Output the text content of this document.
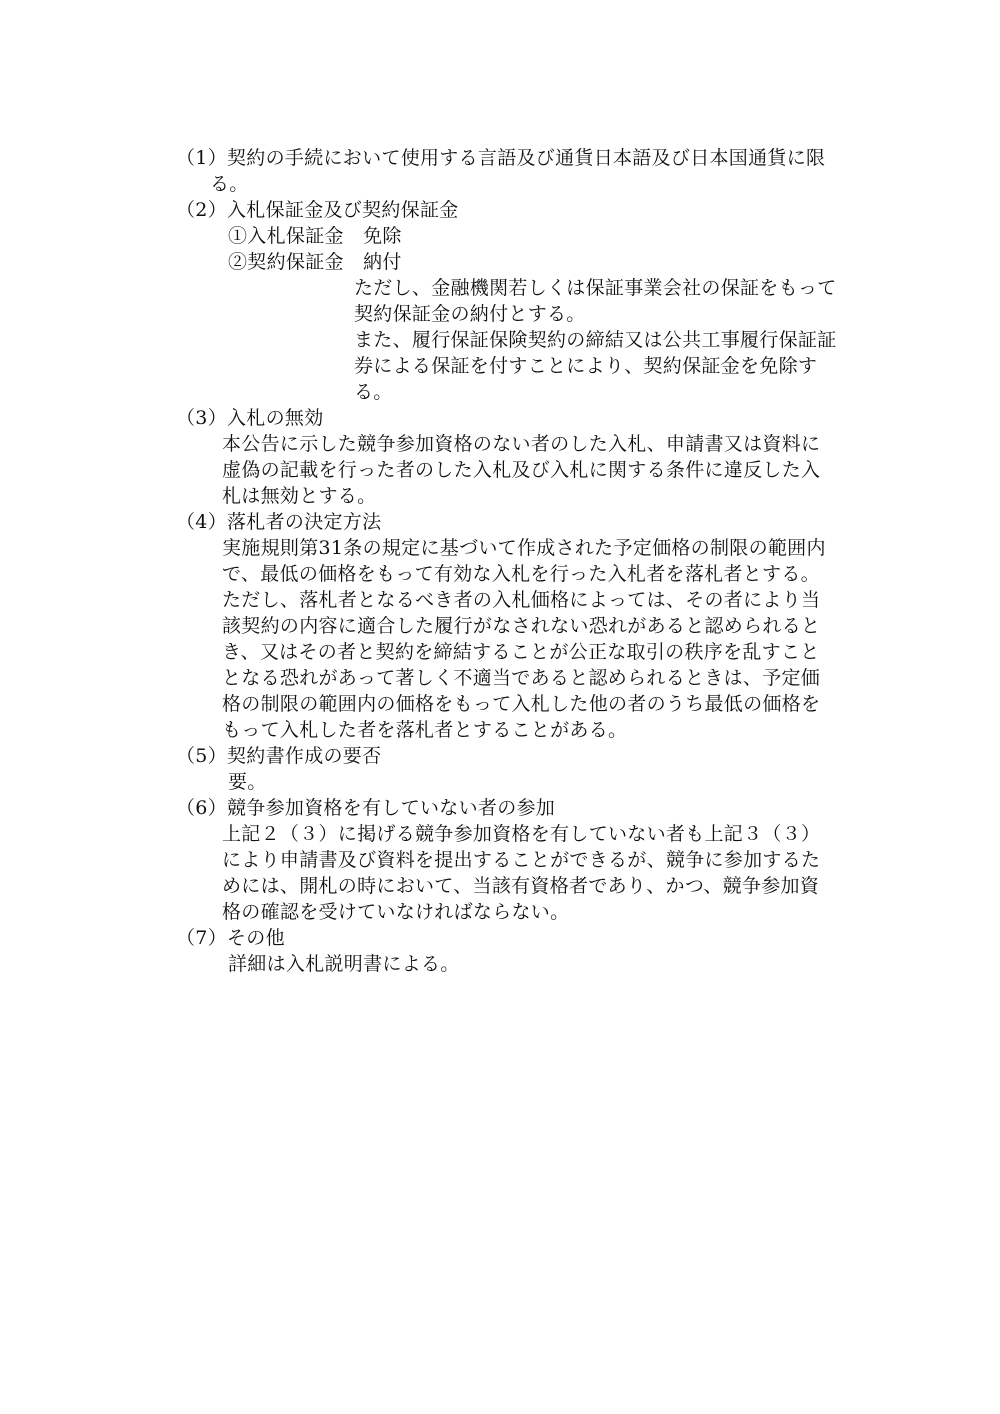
（1）契約の手続において使用する言語及び通貨日本語及び日本国通貨に限
る。
（2）入札保証金及び契約保証金
①入札保証金　免除
②契約保証金　納付
ただし、金融機関若しくは保証事業会社の保証をもって
契約保証金の納付とする。
また、履行保証保険契約の締結又は公共工事履行保証証
券による保証を付すことにより、契約保証金を免除す
る。
（3）入札の無効
本公告に示した競争参加資格のない者のした入札、申請書又は資料に
虚偽の記載を行った者のした入札及び入札に関する条件に違反した入
札は無効とする。
（4）落札者の決定方法
実施規則第31条の規定に基づいて作成された予定価格の制限の範囲内
で、最低の価格をもって有効な入札を行った入札者を落札者とする。
ただし、落札者となるべき者の入札価格によっては、その者により当
該契約の内容に適合した履行がなされない恐れがあると認められると
き、又はその者と契約を締結することが公正な取引の秩序を乱すこと
となる恐れがあって著しく不適当であると認められるときは、予定価
格の制限の範囲内の価格をもって入札した他の者のうち最低の価格を
もって入札した者を落札者とすることがある。
（5）契約書作成の要否
要。
（6）競争参加資格を有していない者の参加
上記２（３）に掲げる競争参加資格を有していない者も上記３（３）
により申請書及び資料を提出することができるが、競争に参加するた
めには、開札の時において、当該有資格者であり、かつ、競争参加資
格の確認を受けていなければならない。
（7）その他
詳細は入札説明書による。
